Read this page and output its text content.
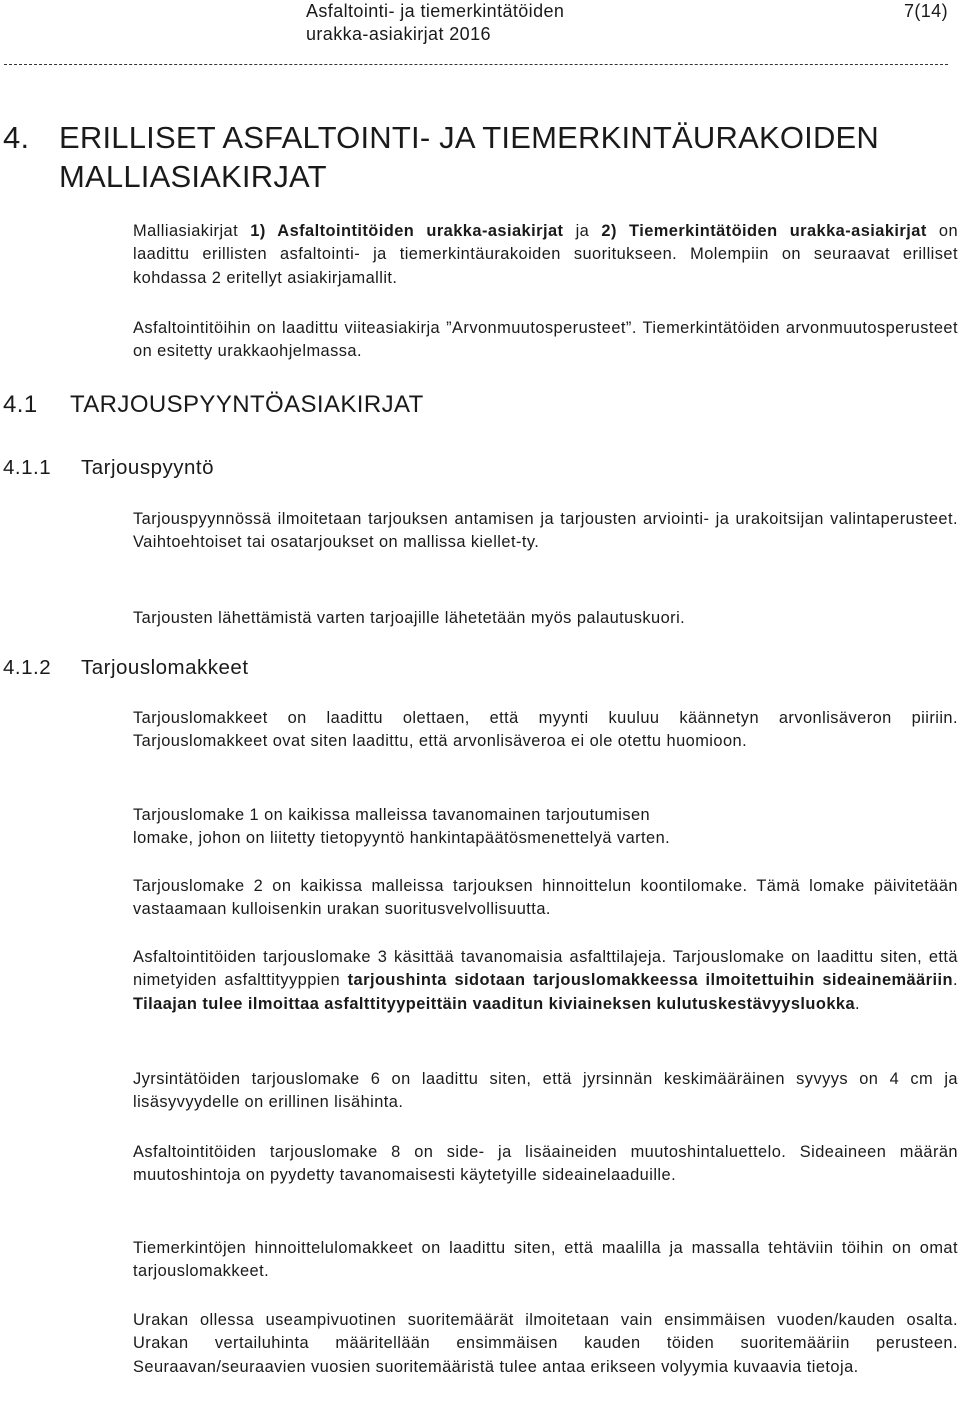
Asfaltointi- ja tiemerkintätöiden	7(14)
urakka-asiakirjat 2016
4. ERILLISET ASFALTOINTI- JA TIEMERKINTÄURAKOIDEN
MALLIASIAKIRJAT

Malliasiakirjat 1) Asfaltointitöiden urakka-asiakirjat ja 2) Tiemerkintätöiden urakka-asiakirjat on laadittu erillisten asfaltointi- ja tiemerkintäurakoiden suoritukseen. Molempiin on seuraavat erilliset kohdassa 2 eritellyt asiakirjamallit.

Asfaltointitöihin on laadittu viiteasiakirja ”Arvonmuutosperusteet”. Tiemerkintätöiden arvonmuutosperusteet on esitetty urakkaohjelmassa.

4.1 TARJOUSPYYNTÖASIAKIRJAT
4.1.1 Tarjouspyyntö

Tarjouspyynnössä ilmoitetaan tarjouksen antamisen ja tarjousten arviointi- ja urakoitsijan valintaperusteet. Vaihtoehtoiset tai osatarjoukset on mallissa kiellet-ty.

Tarjousten lähettämistä varten tarjoajille lähetetään myös palautuskuori.

4.1.2 Tarjouslomakkeet

Tarjouslomakkeet on laadittu olettaen, että myynti kuuluu käännetyn arvonlisäveron piiriin. Tarjouslomakkeet ovat siten laadittu, että arvonlisäveroa ei ole otettu huomioon.

Tarjouslomake 1 on kaikissa malleissa tavanomainen tarjoutumisen

lomake, johon on liitetty tietopyyntö hankintapäätösmenettelyä varten.

Tarjouslomake 2 on kaikissa malleissa tarjouksen hinnoittelun koontilomake. Tämä lomake päivitetään vastaamaan kulloisenkin urakan suoritusvelvollisuutta.

Asfaltointitöiden tarjouslomake 3 käsittää tavanomaisia asfalttilajeja. Tarjouslomake on laadittu siten, että nimetyiden asfalttityyppien tarjoushinta sidotaan tarjouslomakkeessa ilmoitettuihin sideainemääriin. Tilaajan tulee ilmoittaa asfalttityypeittäin vaaditun kiviaineksen kulutuskestävyysluokka.

Jyrsintätöiden tarjouslomake 6 on laadittu siten, että jyrsinnän keskimääräinen syvyys on 4 cm ja lisäsyvyydelle on erillinen lisähinta.

Asfaltointitöiden tarjouslomake 8 on side- ja lisäaineiden muutoshintaluettelo. Sideaineen määrän muutoshintoja on pyydetty tavanomaisesti käytetyille sideainelaaduille.

Tiemerkintöjen hinnoittelulomakkeet on laadittu siten, että maalilla ja massalla tehtäviin töihin on omat tarjouslomakkeet.

Urakan ollessa useampivuotinen suoritemäärät ilmoitetaan vain ensimmäisen vuoden/kauden osalta. Urakan vertailuhinta määritellään ensimmäisen kauden töiden suoritemääriin perusteen. Seuraavan/seuraavien vuosien suoritemääristä tulee antaa erikseen volyymia kuvaavia tietoja.
